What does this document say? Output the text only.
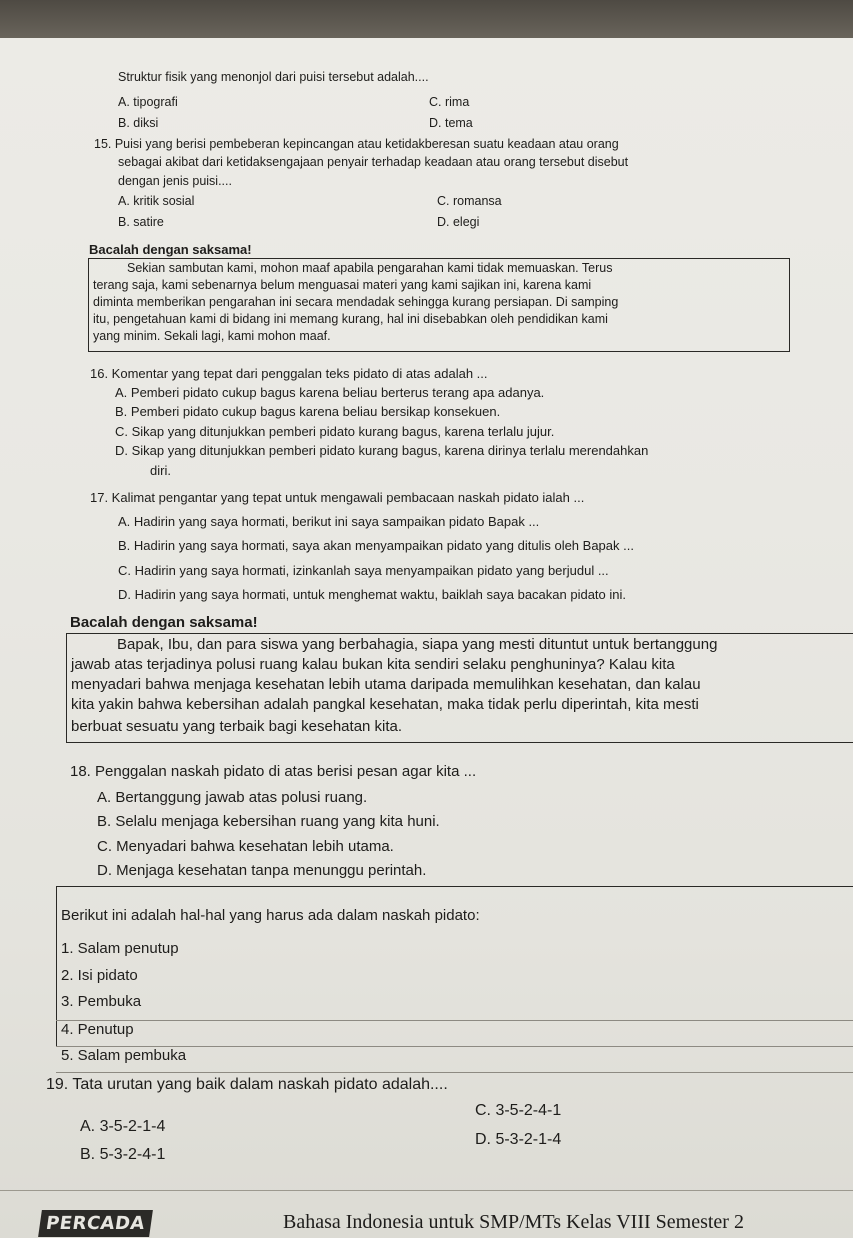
Struktur fisik yang menonjol dari puisi tersebut adalah....
A. tipografi	C. rima
B. diksi	D. tema
15. Puisi yang berisi pembeberan kepincangan atau ketidakberesan suatu keadaan atau orang
sebagai akibat dari ketidaksengajaan penyair terhadap keadaan atau orang tersebut disebut
dengan jenis puisi....
A. kritik sosial	C. romansa
B. satire	D. elegi
Bacalah dengan saksama!
Sekian sambutan kami, mohon maaf apabila pengarahan kami tidak memuaskan. Terus
terang saja, kami sebenarnya belum menguasai materi yang kami sajikan ini, karena kami
diminta memberikan pengarahan ini secara mendadak sehingga kurang persiapan. Di samping
itu, pengetahuan kami di bidang ini memang kurang, hal ini disebabkan oleh pendidikan kami
yang minim. Sekali lagi, kami mohon maaf.
16. Komentar yang tepat dari penggalan teks pidato di atas adalah ...
A. Pemberi pidato cukup bagus karena beliau berterus terang apa adanya.
B. Pemberi pidato cukup bagus karena beliau bersikap konsekuen.
C. Sikap yang ditunjukkan pemberi pidato kurang bagus, karena terlalu jujur.
D. Sikap yang ditunjukkan pemberi pidato kurang bagus, karena dirinya terlalu merendahkan
diri.
17. Kalimat pengantar yang tepat untuk mengawali pembacaan naskah pidato ialah ...
A. Hadirin yang saya hormati, berikut ini saya sampaikan pidato Bapak ...
B. Hadirin yang saya hormati, saya akan menyampaikan pidato yang ditulis oleh Bapak ...
C. Hadirin yang saya hormati, izinkanlah saya menyampaikan pidato yang berjudul ...
D. Hadirin yang saya hormati, untuk menghemat waktu, baiklah saya bacakan pidato ini.
Bacalah dengan saksama!
Bapak, Ibu, dan para siswa yang berbahagia, siapa yang mesti dituntut untuk bertanggung
jawab atas terjadinya polusi ruang kalau bukan kita sendiri selaku penghuninya? Kalau kita
menyadari bahwa menjaga kesehatan lebih utama daripada memulihkan kesehatan, dan kalau
kita yakin bahwa kebersihan adalah pangkal kesehatan, maka tidak perlu diperintah, kita mesti
berbuat sesuatu yang terbaik bagi kesehatan kita.
18. Penggalan naskah pidato di atas berisi pesan agar kita ...
A. Bertanggung jawab atas polusi ruang.
B. Selalu menjaga kebersihan ruang yang kita huni.
C. Menyadari bahwa kesehatan lebih utama.
D. Menjaga kesehatan tanpa menunggu perintah.
Berikut ini adalah hal-hal yang harus ada dalam naskah pidato:
1. Salam penutup
2. Isi pidato
3. Pembuka
4. Penutup
5. Salam pembuka
19. Tata urutan yang baik dalam naskah pidato adalah....
A. 3-5-2-1-4
C. 3-5-2-4-1
B. 5-3-2-4-1
D. 5-3-2-1-4
PERCADA	Bahasa Indonesia untuk SMP/MTs Kelas VIII Semester 2
